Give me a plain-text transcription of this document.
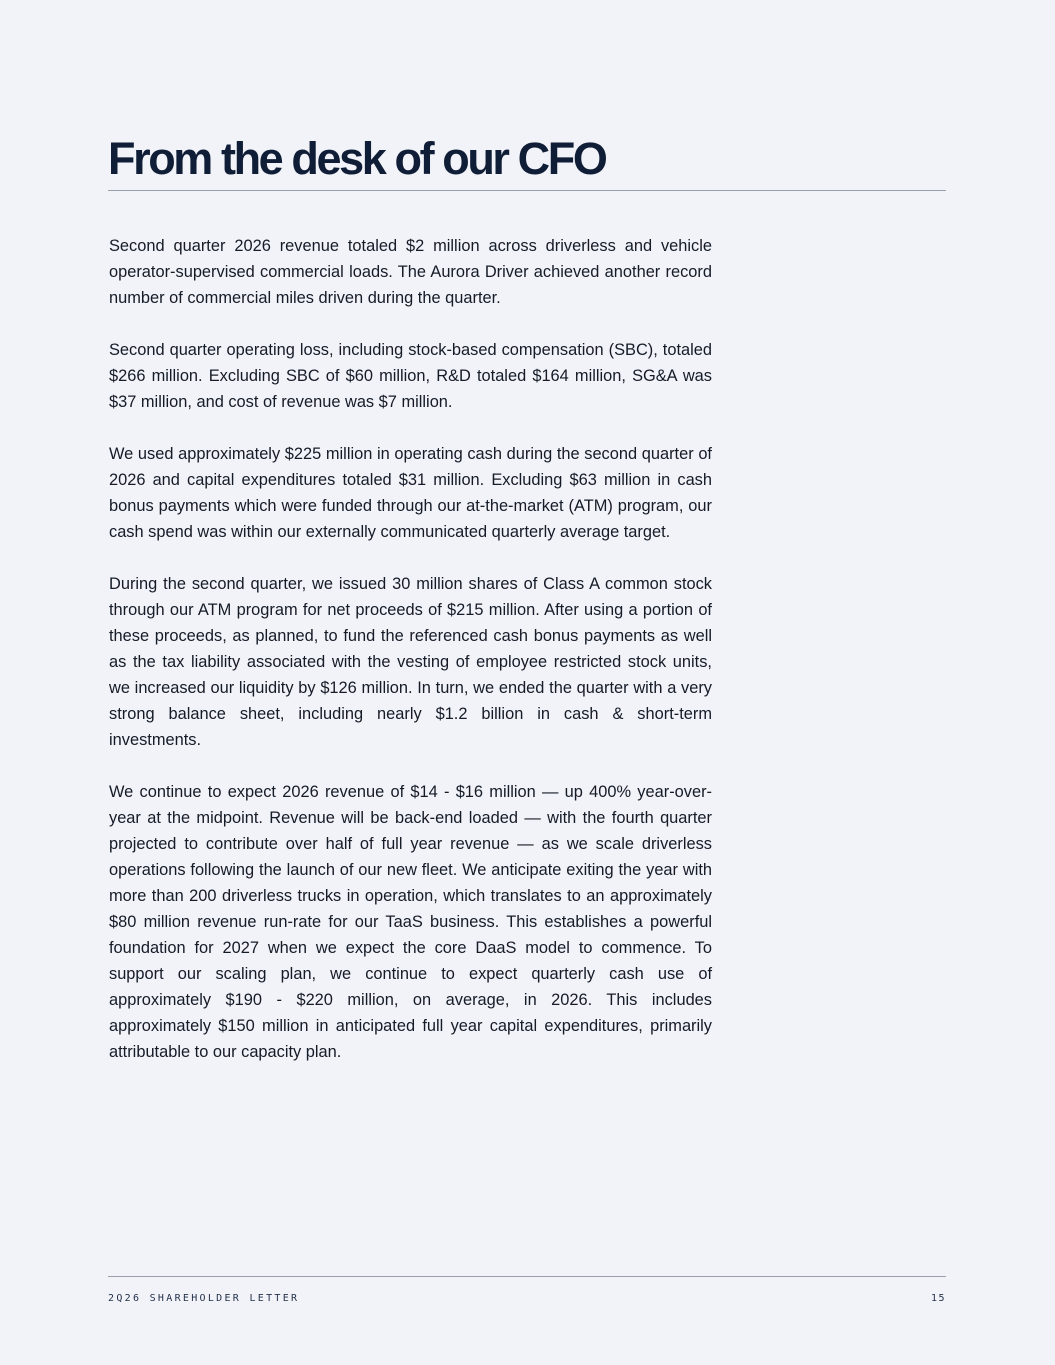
From the desk of our CFO

Second quarter 2026 revenue totaled $2 million across driverless and vehicle operator-supervised commercial loads. The Aurora Driver achieved another record number of commercial miles driven during the quarter.

Second quarter operating loss, including stock-based compensation (SBC), totaled $266 million. Excluding SBC of $60 million, R&D totaled $164 million, SG&A was $37 million, and cost of revenue was $7 million.

We used approximately $225 million in operating cash during the second quarter of 2026 and capital expenditures totaled $31 million. Excluding $63 million in cash bonus payments which were funded through our at-the-market (ATM) program, our cash spend was within our externally communicated quarterly average target.

During the second quarter, we issued 30 million shares of Class A common stock through our ATM program for net proceeds of $215 million. After using a portion of these proceeds, as planned, to fund the referenced cash bonus payments as well as the tax liability associated with the vesting of employee restricted stock units, we increased our liquidity by $126 million. In turn, we ended the quarter with a very strong balance sheet, including nearly $1.2 billion in cash & short-term investments.

We continue to expect 2026 revenue of $14 - $16 million — up 400% year-over-year at the midpoint. Revenue will be back-end loaded — with the fourth quarter projected to contribute over half of full year revenue — as we scale driverless operations following the launch of our new fleet. We anticipate exiting the year with more than 200 driverless trucks in operation, which translates to an approximately $80 million revenue run-rate for our TaaS business. This establishes a powerful foundation for 2027 when we expect the core DaaS model to commence. To support our scaling plan, we continue to expect quarterly cash use of approximately $190 - $220 million, on average, in 2026. This includes approximately $150 million in anticipated full year capital expenditures, primarily attributable to our capacity plan.

2Q26 SHAREHOLDER LETTER	15
